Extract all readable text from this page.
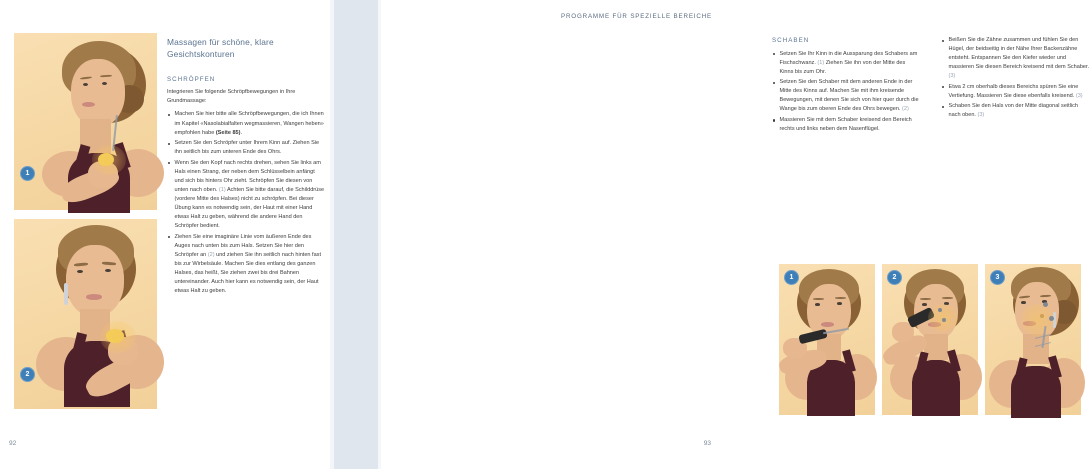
1
2
Massagen für schöne, klare Gesichtskonturen
SCHRÖPFEN
Integrieren Sie folgende Schröpfbewegungen in Ihre Grundmassage:
Machen Sie hier bitte alle Schröpfbewegungen, die ich Ihnen im Kapitel «Nasolabialfalten wegmassieren, Wangen heben» empfohlen habe (Seite 85).
Setzen Sie den Schröpfer unter Ihrem Kinn auf. Ziehen Sie ihn seitlich bis zum unteren Ende des Ohrs.
Wenn Sie den Kopf nach rechts drehen, sehen Sie links am Hals einen Strang, der neben dem Schlüsselbein anfängt und sich bis hinters Ohr zieht. Schröpfen Sie diesen von unten nach oben. (1) Achten Sie bitte darauf, die Schilddrüse (vordere Mitte des Halses) nicht zu schröpfen. Bei dieser Übung kann es notwendig sein, der Haut mit einer Hand etwas Halt zu geben, während die andere Hand den Schröpfer bedient.
Ziehen Sie eine imaginäre Linie vom äußeren Ende des Auges nach unten bis zum Hals. Setzen Sie hier den Schröpfer an (2) und ziehen Sie ihn seitlich nach hinten fast bis zur Wirbelsäule. Machen Sie dies entlang des ganzen Halses, das heißt, Sie ziehen zwei bis drei Bahnen untereinander. Auch hier kann es notwendig sein, der Haut etwas Halt zu geben.
92
PROGRAMME FÜR SPEZIELLE BEREICHE
SCHABEN
Setzen Sie Ihr Kinn in die Aussparung des Schabers am Fischschwanz. (1) Ziehen Sie ihn von der Mitte des Kinns bis zum Ohr.
Setzen Sie den Schaber mit dem anderen Ende in der Mitte des Kinns auf. Machen Sie mit ihm kreisende Bewegungen, mit denen Sie sich von hier quer durch die Wange bis zum oberen Ende des Ohrs bewegen. (2)
Massieren Sie mit dem Schaber kreisend den Bereich rechts und links neben dem Nasenflügel.
Beißen Sie die Zähne zusammen und fühlen Sie den Hügel, der beidseitig in der Nähe Ihrer Backenzähne entsteht. Entspannen Sie den Kiefer wieder und massieren Sie diesen Bereich kreisend mit dem Schaber. (3)
Etwa 2 cm oberhalb dieses Bereichs spüren Sie eine Vertiefung. Massieren Sie diese ebenfalls kreisend. (3)
Schaben Sie den Hals von der Mitte diagonal seitlich nach oben. (3)
1	2	3
93
